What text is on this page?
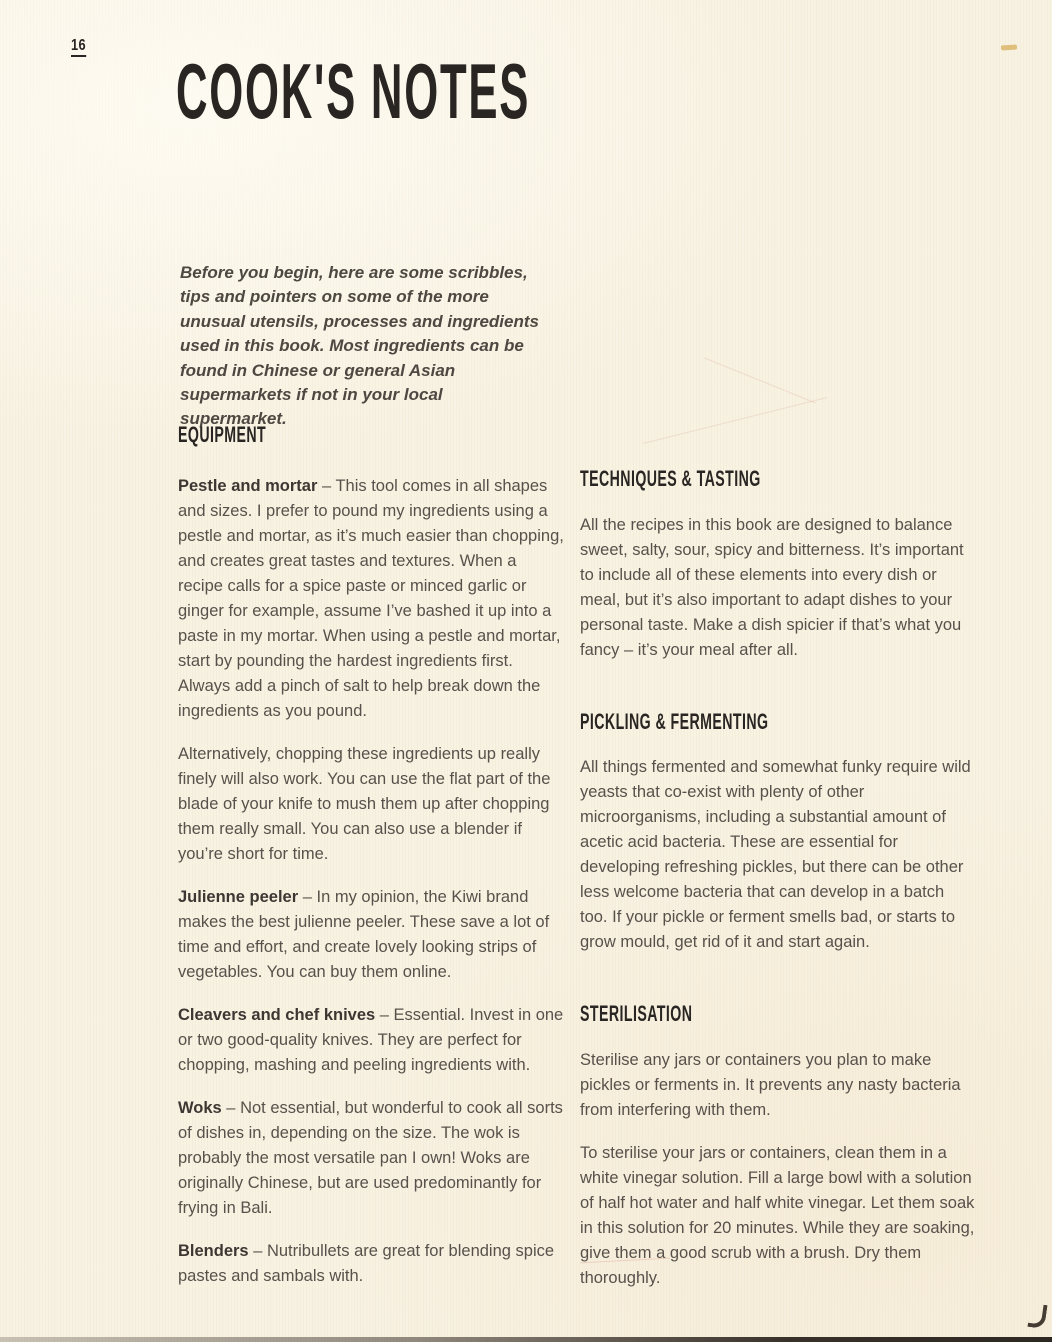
16
COOK'S NOTES

Before you begin, here are some scribbles, tips and pointers on some of the more unusual utensils, processes and ingredients used in this book. Most ingredients can be found in Chinese or general Asian supermarkets if not in your local supermarket.

EQUIPMENT

Pestle and mortar – This tool comes in all shapes and sizes. I prefer to pound my ingredients using a pestle and mortar, as it’s much easier than chopping, and creates great tastes and textures. When a recipe calls for a spice paste or minced garlic or ginger for example, assume I’ve bashed it up into a paste in my mortar. When using a pestle and mortar, start by pounding the hardest ingredients first. Always add a pinch of salt to help break down the ingredients as you pound.

Alternatively, chopping these ingredients up really finely will also work. You can use the flat part of the blade of your knife to mush them up after chopping them really small. You can also use a blender if you’re short for time.

Julienne peeler – In my opinion, the Kiwi brand makes the best julienne peeler. These save a lot of time and effort, and create lovely looking strips of vegetables. You can buy them online.

Cleavers and chef knives – Essential. Invest in one or two good-quality knives. They are perfect for chopping, mashing and peeling ingredients with.

Woks – Not essential, but wonderful to cook all sorts of dishes in, depending on the size. The wok is probably the most versatile pan I own! Woks are originally Chinese, but are used predominantly for frying in Bali.

Blenders – Nutribullets are great for blending spice pastes and sambals with.

TECHNIQUES & TASTING

All the recipes in this book are designed to balance sweet, salty, sour, spicy and bitterness. It’s important to include all of these elements into every dish or meal, but it’s also important to adapt dishes to your personal taste. Make a dish spicier if that’s what you fancy – it’s your meal after all.

PICKLING & FERMENTING

All things fermented and somewhat funky require wild yeasts that co-exist with plenty of other microorganisms, including a substantial amount of acetic acid bacteria. These are essential for developing refreshing pickles, but there can be other less welcome bacteria that can develop in a batch too. If your pickle or ferment smells bad, or starts to grow mould, get rid of it and start again.

STERILISATION

Sterilise any jars or containers you plan to make pickles or ferments in. It prevents any nasty bacteria from interfering with them.

To sterilise your jars or containers, clean them in a white vinegar solution. Fill a large bowl with a solution of half hot water and half white vinegar. Let them soak in this solution for 20 minutes. While they are soaking, give them a good scrub with a brush. Dry them thoroughly.
